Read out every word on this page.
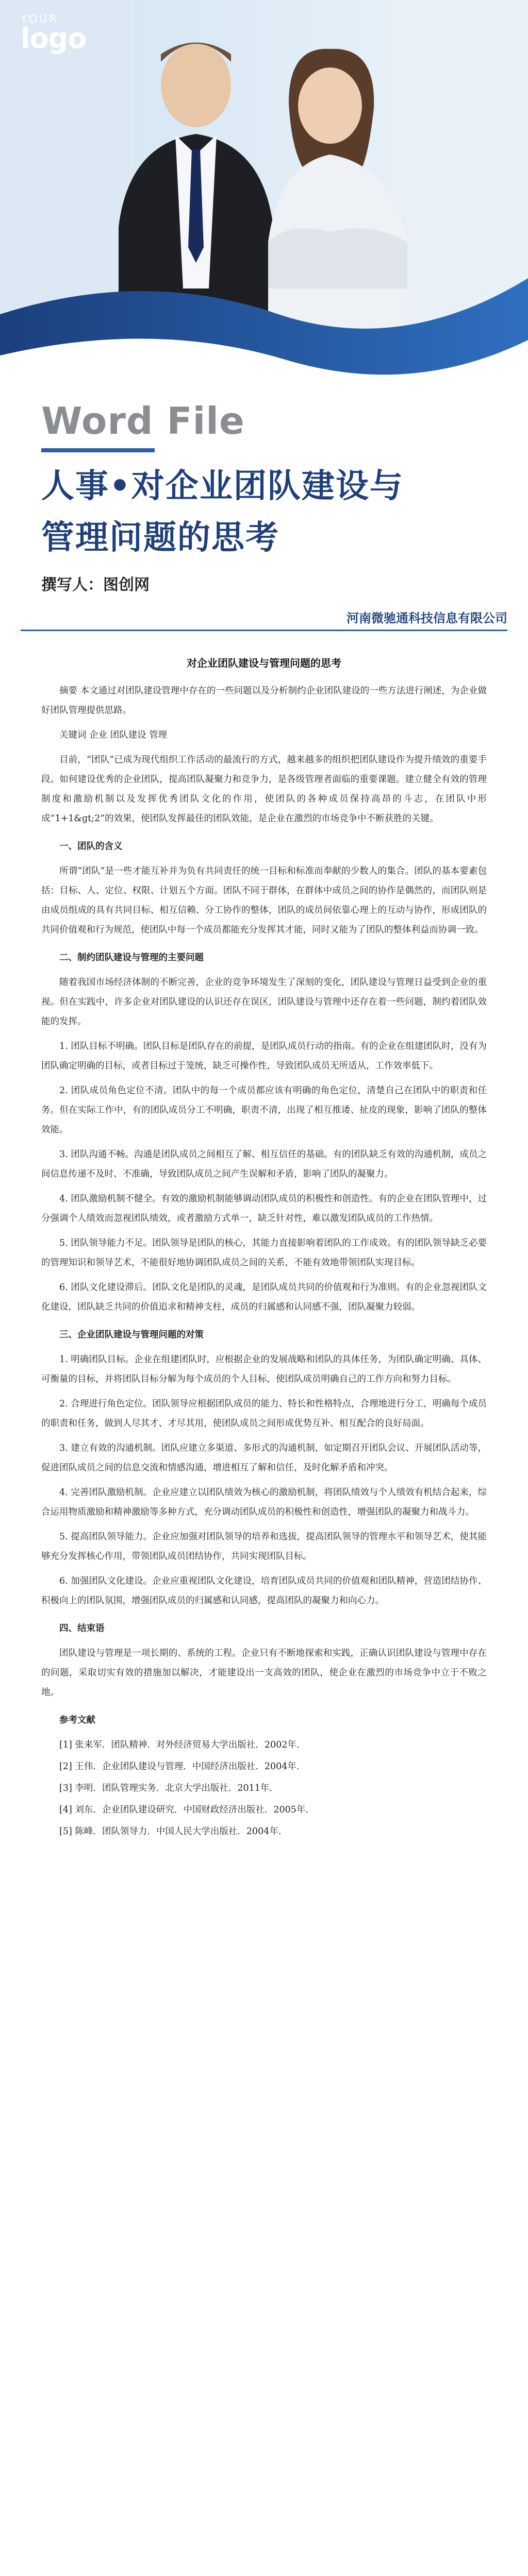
YOUR
logo
Word File
人事•对企业团队建设与
管理问题的思考
撰写人：图创网
河南微驰通科技信息有限公司
对企业团队建设与管理问题的思考

摘要 本文通过对团队建设管理中存在的一些问题以及分析制约企业团队建设的一些方法进行阐述，为企业做好团队管理提供思路。

关键词 企业 团队建设 管理

目前，“团队”已成为现代组织工作活动的最流行的方式，越来越多的组织把团队建设作为提升绩效的重要手段。如何建设优秀的企业团队，提高团队凝聚力和竞争力，是各级管理者面临的重要课题。建立健全有效的管理制度和激励机制以及发挥优秀团队文化的作用，使团队的各种成员保持高昂的斗志，在团队中形成“1+1&gt;2”的效果，使团队发挥最佳的团队效能，是企业在激烈的市场竞争中不断获胜的关键。

一、团队的含义

所谓“团队”是一些才能互补并为负有共同责任的统一目标和标准而奉献的少数人的集合。团队的基本要素包括：目标、人、定位、权限、计划五个方面。团队不同于群体，在群体中成员之间的协作是偶然的，而团队则是由成员组成的具有共同目标、相互信赖、分工协作的整体，团队的成员间依靠心理上的互动与协作，形成团队的共同价值观和行为规范，使团队中每一个成员都能充分发挥其才能，同时又能为了团队的整体利益而协调一致。

二、制约团队建设与管理的主要问题

随着我国市场经济体制的不断完善，企业的竞争环境发生了深刻的变化，团队建设与管理日益受到企业的重视。但在实践中，许多企业对团队建设的认识还存在误区，团队建设与管理中还存在着一些问题，制约着团队效能的发挥。

1. 团队目标不明确。团队目标是团队存在的前提，是团队成员行动的指南。有的企业在组建团队时，没有为团队确定明确的目标，或者目标过于笼统，缺乏可操作性，导致团队成员无所适从，工作效率低下。

2. 团队成员角色定位不清。团队中的每一个成员都应该有明确的角色定位，清楚自己在团队中的职责和任务。但在实际工作中，有的团队成员分工不明确，职责不清，出现了相互推诿、扯皮的现象，影响了团队的整体效能。

3. 团队沟通不畅。沟通是团队成员之间相互了解、相互信任的基础。有的团队缺乏有效的沟通机制，成员之间信息传递不及时、不准确，导致团队成员之间产生误解和矛盾，影响了团队的凝聚力。

4. 团队激励机制不健全。有效的激励机制能够调动团队成员的积极性和创造性。有的企业在团队管理中，过分强调个人绩效而忽视团队绩效，或者激励方式单一，缺乏针对性，难以激发团队成员的工作热情。

5. 团队领导能力不足。团队领导是团队的核心，其能力直接影响着团队的工作成效。有的团队领导缺乏必要的管理知识和领导艺术，不能很好地协调团队成员之间的关系，不能有效地带领团队实现目标。

6. 团队文化建设滞后。团队文化是团队的灵魂，是团队成员共同的价值观和行为准则。有的企业忽视团队文化建设，团队缺乏共同的价值追求和精神支柱，成员的归属感和认同感不强，团队凝聚力较弱。

三、企业团队建设与管理问题的对策

1. 明确团队目标。企业在组建团队时，应根据企业的发展战略和团队的具体任务，为团队确定明确、具体、可衡量的目标，并将团队目标分解为每个成员的个人目标，使团队成员明确自己的工作方向和努力目标。

2. 合理进行角色定位。团队领导应根据团队成员的能力、特长和性格特点，合理地进行分工，明确每个成员的职责和任务，做到人尽其才、才尽其用，使团队成员之间形成优势互补、相互配合的良好局面。

3. 建立有效的沟通机制。团队应建立多渠道、多形式的沟通机制，如定期召开团队会议、开展团队活动等，促进团队成员之间的信息交流和情感沟通，增进相互了解和信任，及时化解矛盾和冲突。

4. 完善团队激励机制。企业应建立以团队绩效为核心的激励机制，将团队绩效与个人绩效有机结合起来，综合运用物质激励和精神激励等多种方式，充分调动团队成员的积极性和创造性，增强团队的凝聚力和战斗力。

5. 提高团队领导能力。企业应加强对团队领导的培养和选拔，提高团队领导的管理水平和领导艺术，使其能够充分发挥核心作用，带领团队成员团结协作，共同实现团队目标。

6. 加强团队文化建设。企业应重视团队文化建设，培育团队成员共同的价值观和团队精神，营造团结协作、积极向上的团队氛围，增强团队成员的归属感和认同感，提高团队的凝聚力和向心力。

四、结束语

团队建设与管理是一项长期的、系统的工程。企业只有不断地探索和实践，正确认识团队建设与管理中存在的问题，采取切实有效的措施加以解决，才能建设出一支高效的团队，使企业在激烈的市场竞争中立于不败之地。

参考文献

[1] 张来军．团队精神．对外经济贸易大学出版社．2002年．

[2] 王伟．企业团队建设与管理．中国经济出版社．2004年．

[3] 李明．团队管理实务．北京大学出版社．2011年．

[4] 刘东．企业团队建设研究．中国财政经济出版社．2005年．

[5] 陈峰．团队领导力．中国人民大学出版社．2004年．
